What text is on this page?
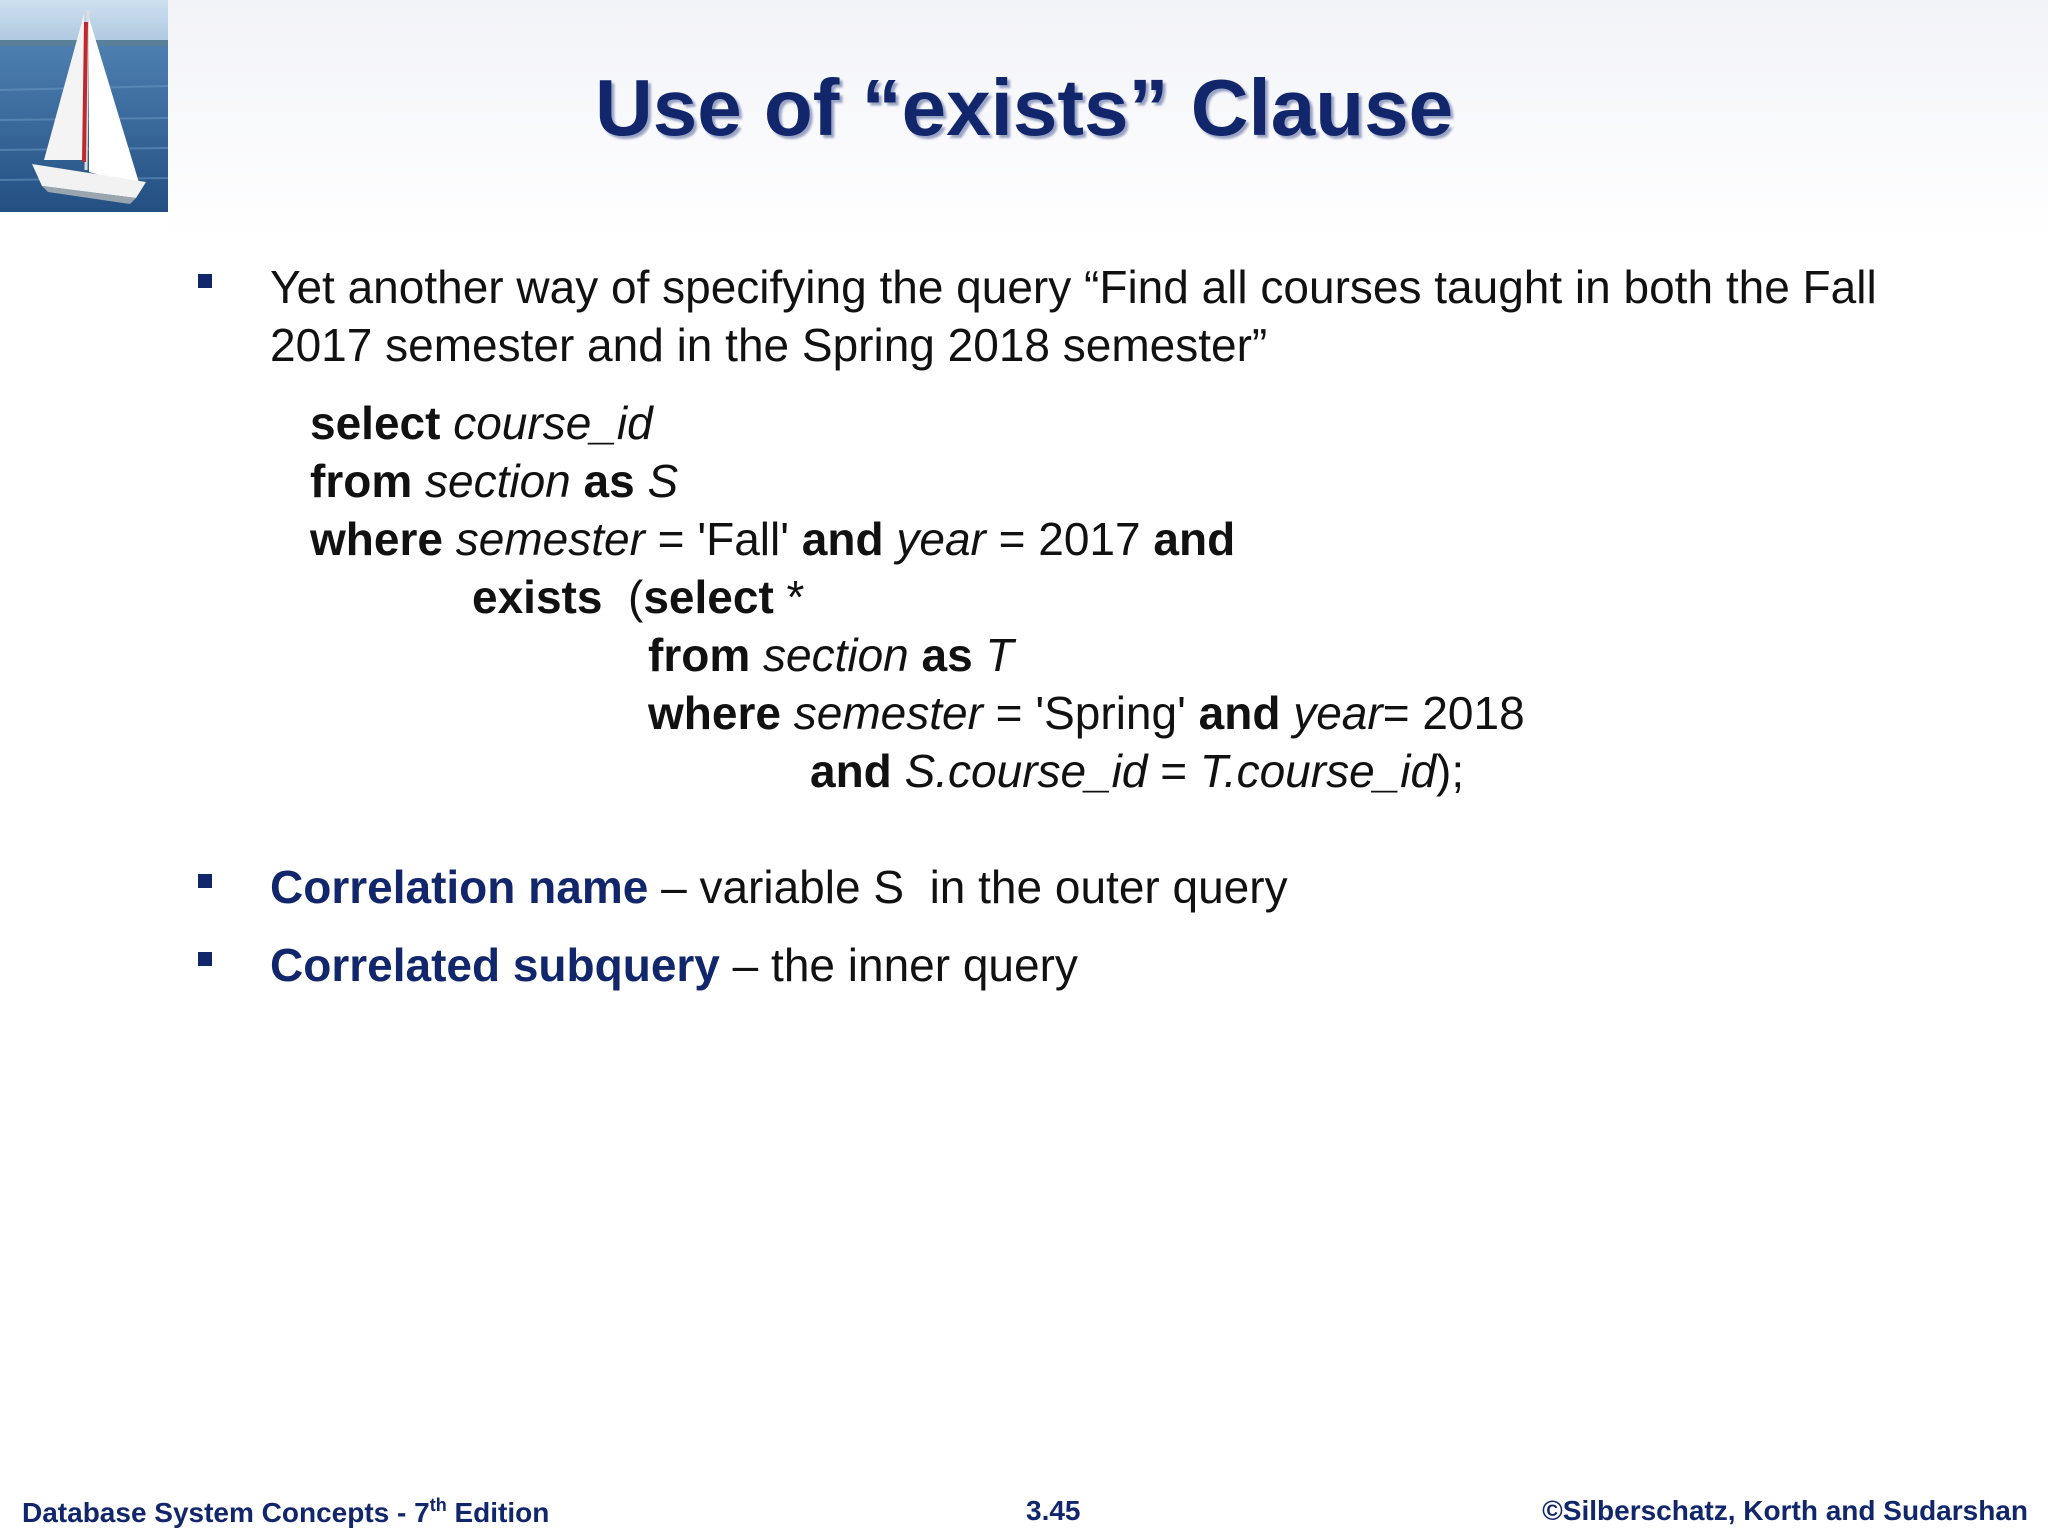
Use of “exists” Clause
Yet another way of specifying the query “Find all courses taught in both the Fall 2017 semester and in the Spring 2018 semester”
select course_id
from section as S
where semester = 'Fall' and year = 2017 and
exists  (select *
from section as T
where semester = 'Spring' and year= 2018
and S.course_id = T.course_id);
Correlation name – variable S  in the outer query
Correlated subquery – the inner query
Database System Concepts - 7th Edition	3.45	©Silberschatz, Korth and Sudarshan
